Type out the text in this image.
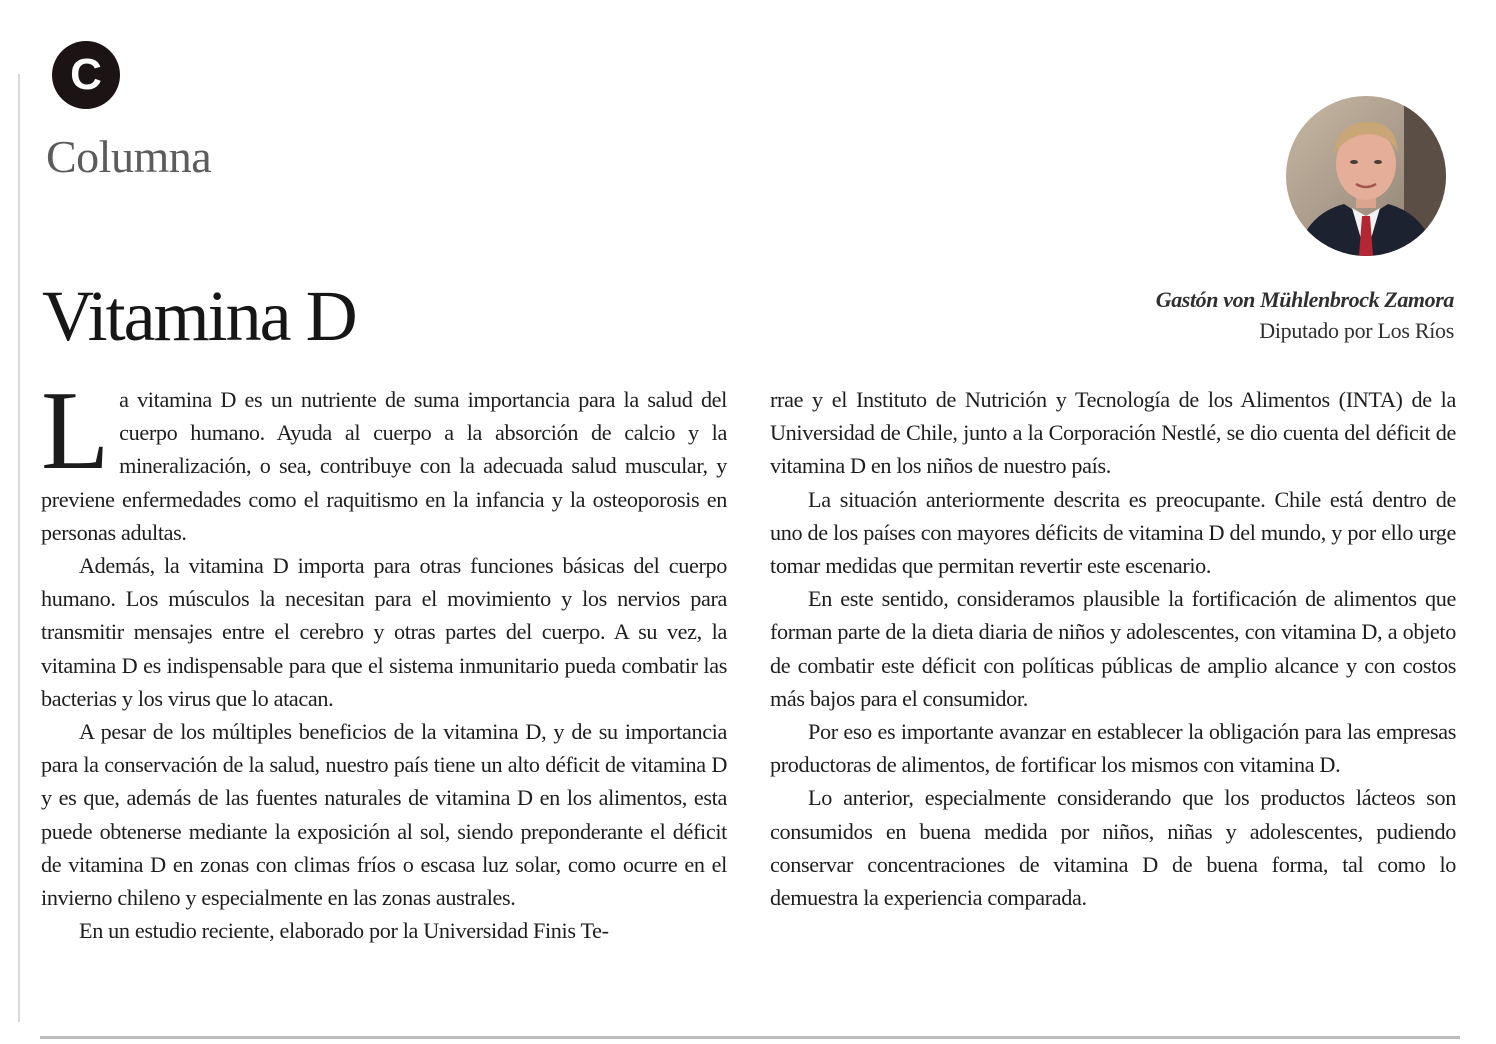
C
Columna
Vitamina D	Gastón von Mühlenbrock Zamora
Diputado por Los Ríos

La vitamina D es un nutriente de suma importancia para la salud del cuerpo humano. Ayuda al cuerpo a la absorción de calcio y la mineralización, o sea, contribuye con la adecuada salud muscular, y previene enfermedades como el raquitismo en la infancia y la osteoporosis en personas adultas.

Además, la vitamina D importa para otras funciones básicas del cuerpo humano. Los músculos la necesitan para el movimiento y los nervios para transmitir mensajes entre el cerebro y otras partes del cuerpo. A su vez, la vitamina D es indispensable para que el sistema inmunitario pueda combatir las bacterias y los virus que lo atacan.

A pesar de los múltiples beneficios de la vitamina D, y de su importancia para la conservación de la salud, nuestro país tiene un alto déficit de vitamina D y es que, además de las fuentes naturales de vitamina D en los alimentos, esta puede obtenerse mediante la exposición al sol, siendo preponderante el déficit de vitamina D en zonas con climas fríos o escasa luz solar, como ocurre en el invierno chileno y especialmente en las zonas australes.

En un estudio reciente, elaborado por la Universidad Finis Te-

rrae y el Instituto de Nutrición y Tecnología de los Alimentos (INTA) de la Universidad de Chile, junto a la Corporación Nestlé, se dio cuenta del déficit de vitamina D en los niños de nuestro país.

La situación anteriormente descrita es preocupante. Chile está dentro de uno de los países con mayores déficits de vitamina D del mundo, y por ello urge tomar medidas que permitan revertir este escenario.

En este sentido, consideramos plausible la fortificación de alimentos que forman parte de la dieta diaria de niños y adolescentes, con vitamina D, a objeto de combatir este déficit con políticas públicas de amplio alcance y con costos más bajos para el consumidor.

Por eso es importante avanzar en establecer la obligación para las empresas productoras de alimentos, de fortificar los mismos con vitamina D.

Lo anterior, especialmente considerando que los productos lácteos son consumidos en buena medida por niños, niñas y adolescentes, pudiendo conservar concentraciones de vitamina D de buena forma, tal como lo demuestra la experiencia comparada.
